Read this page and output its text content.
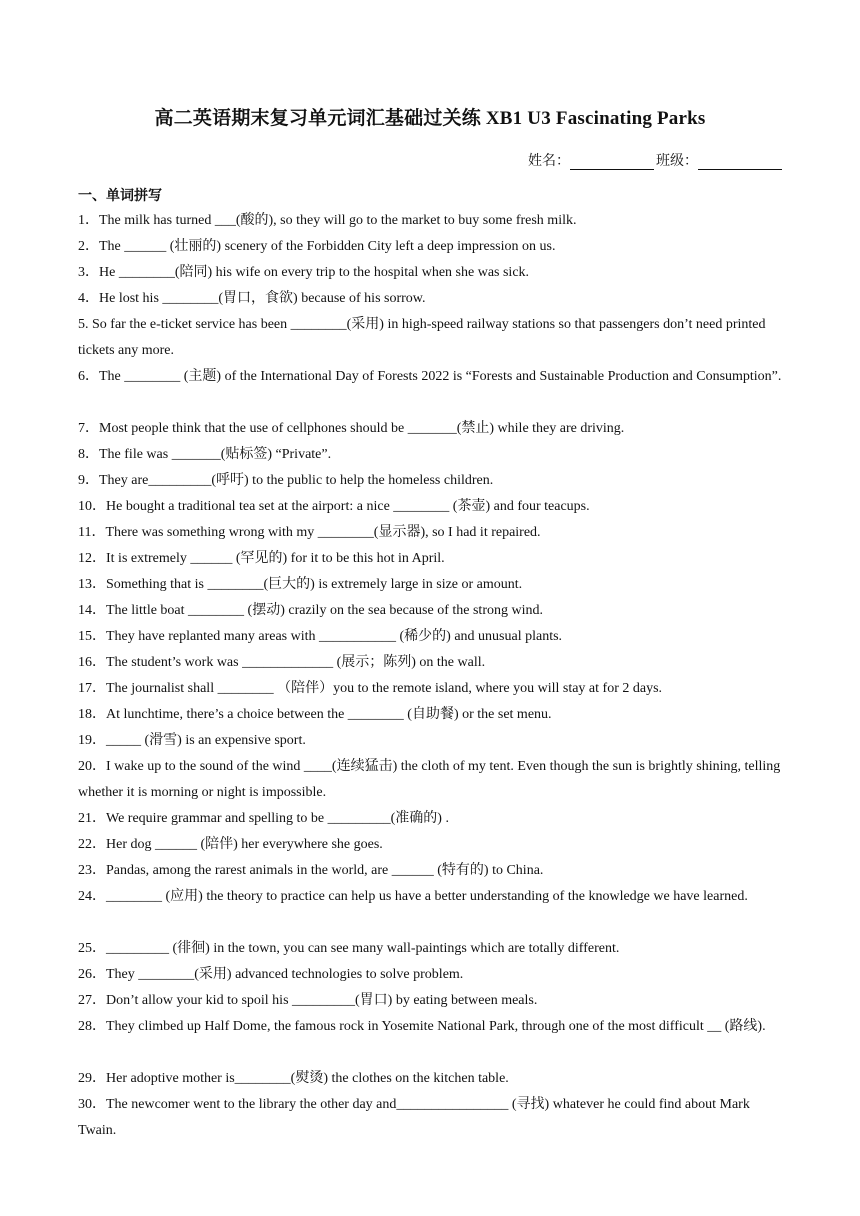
高二英语期末复习单元词汇基础过关练 XB1 U3 Fascinating Parks
姓名：	班级：
一、单词拼写
1．The milk has turned ___(酸的), so they will go to the market to buy some fresh milk.
2．The ______ (壮丽的) scenery of the Forbidden City left a deep impression on us.
3．He ________(陪同) his wife on every trip to the hospital when she was sick.
4．He lost his ________(胃口，食欲) because of his sorrow.
5. So far the e-ticket service has been ________(采用) in high-speed railway stations so that passengers don’t need printed tickets any more.
6．The ________ (主题) of the International Day of Forests 2022 is “Forests and Sustainable Production and Consumption”.
7．Most people think that the use of cellphones should be _______(禁止) while they are driving.
8．The file was _______(贴标签) “Private”.
9．They are_________(呼吁) to the public to help the homeless children.
10．He bought a traditional tea set at the airport: a nice ________ (茶壶) and four teacups.
11．There was something wrong with my ________(显示器), so I had it repaired.
12．It is extremely ______ (罕见的) for it to be this hot in April.
13．Something that is ________(巨大的) is extremely large in size or amount.
14．The little boat ________ (摆动) crazily on the sea because of the strong wind.
15．They have replanted many areas with ___________ (稀少的) and unusual plants.
16．The student’s work was _____________ (展示；陈列) on the wall.
17．The journalist shall ________ （陪伴）you to the remote island, where you will stay at for 2 days.
18．At lunchtime, there’s a choice between the ________ (自助餐) or the set menu.
19．_____ (滑雪) is an expensive sport.
20．I wake up to the sound of the wind ____(连续猛击) the cloth of my tent. Even though the sun is brightly shining, telling whether it is morning or night is impossible.
21．We require grammar and spelling to be _________(准确的) .
22．Her dog ______ (陪伴) her everywhere she goes.
23．Pandas, among the rarest animals in the world, are ______ (特有的) to China.
24．________ (应用) the theory to practice can help us have a better understanding of the knowledge we have learned.
25．_________ (徘徊) in the town, you can see many wall-paintings which are totally different.
26．They ________(采用) advanced technologies to solve problem.
27．Don’t allow your kid to spoil his _________(胃口) by eating between meals.
28．They climbed up Half Dome, the famous rock in Yosemite National Park, through one of the most difficult __ (路线).
29．Her adoptive mother is________(熨烫) the clothes on the kitchen table.
30．The newcomer went to the library the other day and________________ (寻找) whatever he could find about Mark Twain.
